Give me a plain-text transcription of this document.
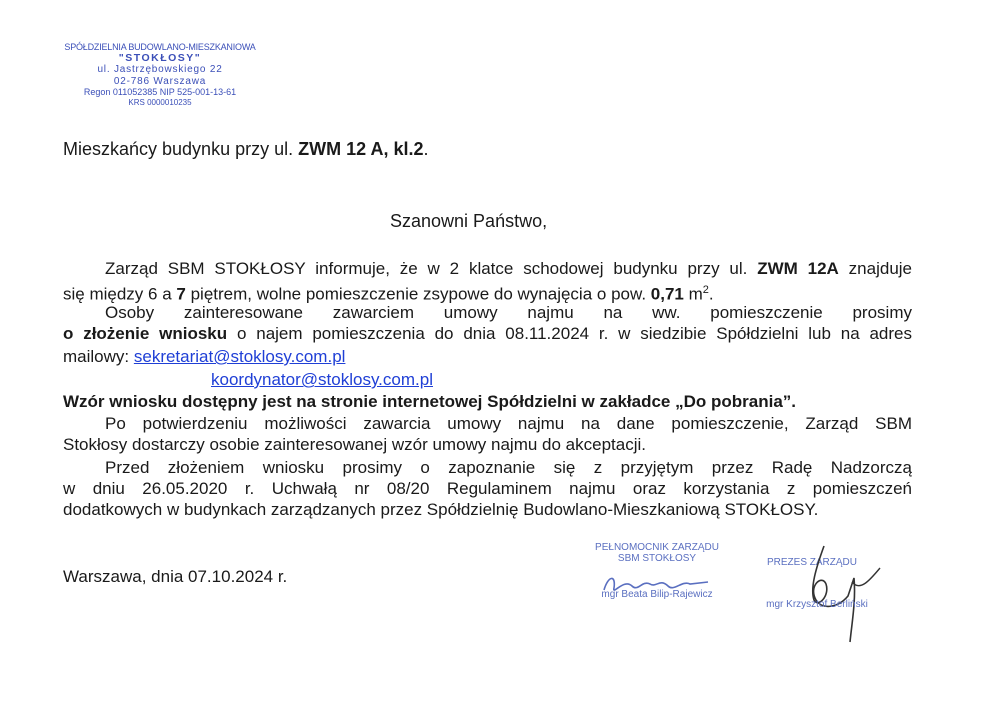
SPÓŁDZIELNIA BUDOWLANO-MIESZKANIOWA
"STOKŁOSY"
ul. Jastrzębowskiego 22
02-786 Warszawa
Regon 011052385 NIP 525-001-13-61
KRS 0000010235
Mieszkańcy budynku przy ul. ZWM 12 A, kl.2.
Szanowni Państwo,
Zarząd SBM STOKŁOSY informuje, że w 2 klatce schodowej budynku przy ul. ZWM 12A znajduje
się między 6 a 7 piętrem, wolne pomieszczenie zsypowe do wynajęcia o pow. 0,71 $m^2$.
Osoby zainteresowane zawarciem umowy najmu na ww. pomieszczenie prosimy
o złożenie wniosku o najem pomieszczenia do dnia 08.11.2024 r. w siedzibie Spółdzielni lub na adres
mailowy: sekretariat@stoklosy.com.pl
koordynator@stoklosy.com.pl
Wzór wniosku dostępny jest na stronie internetowej Spółdzielni w zakładce „Do pobrania”.
Po potwierdzeniu możliwości zawarcia umowy najmu na dane pomieszczenie, Zarząd SBM
Stokłosy dostarczy osobie zainteresowanej wzór umowy najmu do akceptacji.
Przed złożeniem wniosku prosimy o zapoznanie się z przyjętym przez Radę Nadzorczą
w dniu 26.05.2020 r. Uchwałą nr 08/20 Regulaminem najmu oraz korzystania z pomieszczeń
dodatkowych w budynkach zarządzanych przez Spółdzielnię Budowlano-Mieszkaniową STOKŁOSY.
Warszawa, dnia 07.10.2024 r.
PEŁNOMOCNIK ZARZĄDU
SBM STOKŁOSY
mgr Beata Bilip-Rajewicz
PREZES ZARZĄDU
mgr Krzysztof Berliński
